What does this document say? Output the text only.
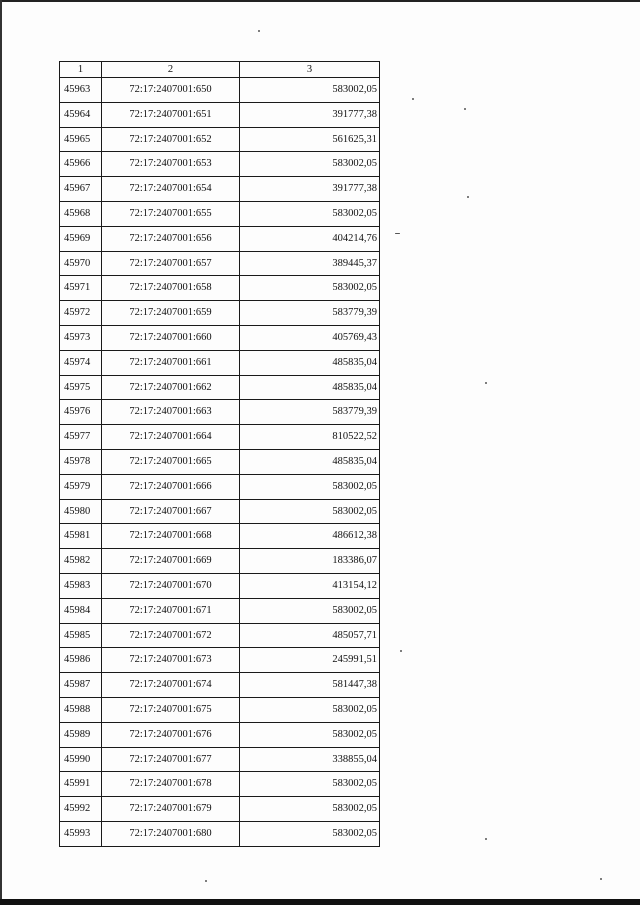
1	2	3
45963	72:17:2407001:650	583002,05
45964	72:17:2407001:651	391777,38
45965	72:17:2407001:652	561625,31
45966	72:17:2407001:653	583002,05
45967	72:17:2407001:654	391777,38
45968	72:17:2407001:655	583002,05
45969	72:17:2407001:656	404214,76
45970	72:17:2407001:657	389445,37
45971	72:17:2407001:658	583002,05
45972	72:17:2407001:659	583779,39
45973	72:17:2407001:660	405769,43
45974	72:17:2407001:661	485835,04
45975	72:17:2407001:662	485835,04
45976	72:17:2407001:663	583779,39
45977	72:17:2407001:664	810522,52
45978	72:17:2407001:665	485835,04
45979	72:17:2407001:666	583002,05
45980	72:17:2407001:667	583002,05
45981	72:17:2407001:668	486612,38
45982	72:17:2407001:669	183386,07
45983	72:17:2407001:670	413154,12
45984	72:17:2407001:671	583002,05
45985	72:17:2407001:672	485057,71
45986	72:17:2407001:673	245991,51
45987	72:17:2407001:674	581447,38
45988	72:17:2407001:675	583002,05
45989	72:17:2407001:676	583002,05
45990	72:17:2407001:677	338855,04
45991	72:17:2407001:678	583002,05
45992	72:17:2407001:679	583002,05
45993	72:17:2407001:680	583002,05
